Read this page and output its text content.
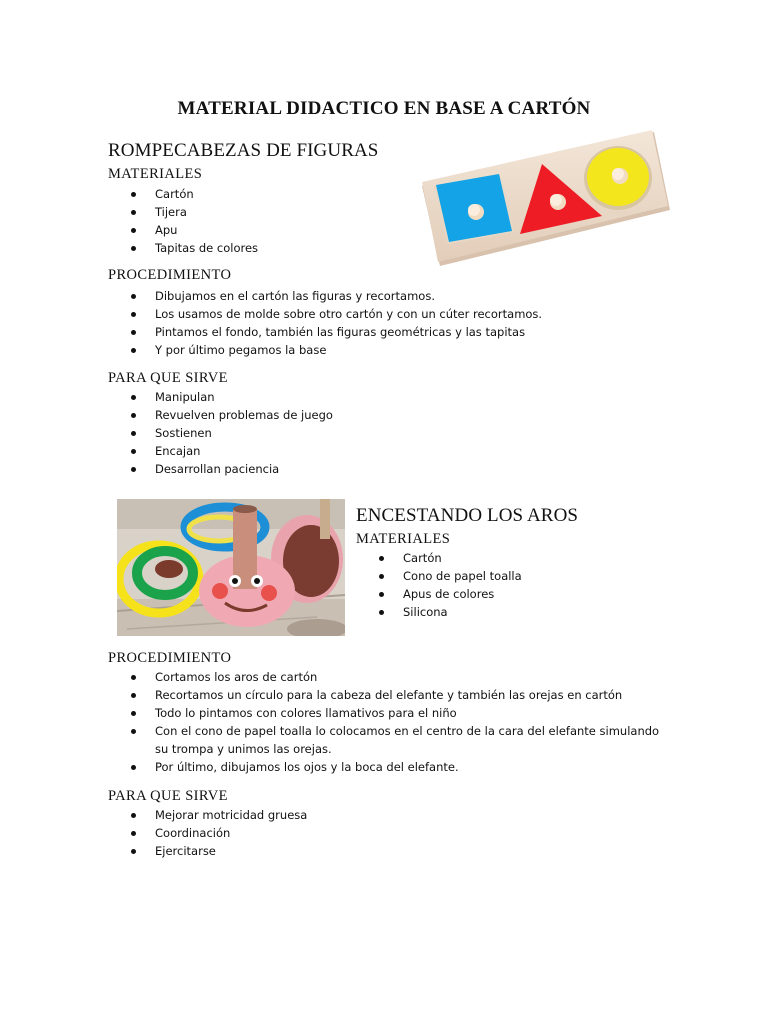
MATERIAL DIDACTICO EN BASE A CARTÓN
ROMPECABEZAS DE FIGURAS
MATERIALES
Cartón
Tijera
Apu
Tapitas de colores
PROCEDIMIENTO
Dibujamos en el cartón las figuras y recortamos.
Los usamos de molde sobre otro cartón y con un cúter recortamos.
Pintamos el fondo, también las figuras geométricas y las tapitas
Y por último pegamos la base
PARA QUE SIRVE
Manipulan
Revuelven problemas de juego
Sostienen
Encajan
Desarrollan paciencia
ENCESTANDO LOS AROS
MATERIALES
Cartón
Cono de papel toalla
Apus de colores
Silicona
PROCEDIMIENTO
Cortamos los aros de cartón
Recortamos un círculo para la cabeza del elefante y también las orejas en cartón
Todo lo pintamos con colores llamativos para el niño
Con el cono de papel toalla lo colocamos en el centro de la cara del elefante simulando su trompa y unimos las orejas.
Por último, dibujamos los ojos y la boca del elefante.
PARA QUE SIRVE
Mejorar motricidad gruesa
Coordinación
Ejercitarse
